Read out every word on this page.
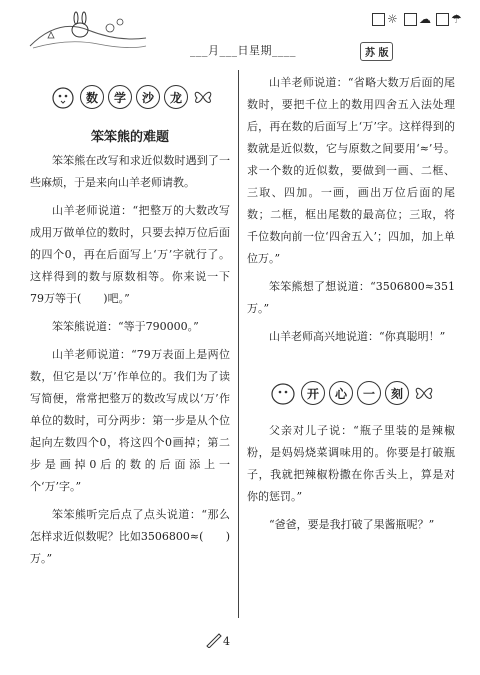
___月___日星期____
☼	☁	☂
苏 版
数	学	沙	龙
笨笨熊的难题

笨笨熊在改写和求近似数时遇到了一些麻烦，于是来向山羊老师请教。

山羊老师说道：“把整万的大数改写成用万做单位的数时，只要去掉万位后面的四个0，再在后面写上‘万’字就行了。这样得到的数与原数相等。你来说一下79万等于(　　)吧。”

笨笨熊说道：“等于790000。”

山羊老师说道：“79万表面上是两位数，但它是以‘万’作单位的。我们为了读写简便，常常把整万的数改写成以‘万’作单位的数时，可分两步：第一步是从个位起向左数四个0，将这四个0画掉；第二步是画掉0后的数的后面添上一个‘万’字。”

笨笨熊听完后点了点头说道：“那么怎样求近似数呢？比如3506800≈(　　)万。”

山羊老师说道：“省略大数万后面的尾数时，要把千位上的数用四舍五入法处理后，再在数的后面写上‘万’字。这样得到的数就是近似数，它与原数之间要用‘≈’号。求一个数的近似数，要做到一画、二框、三取、四加。一画，画出万位后面的尾数；二框，框出尾数的最高位；三取，将千位数向前一位‘四舍五入’；四加，加上单位万。”

笨笨熊想了想说道：“3506800≈351万。”

山羊老师高兴地说道：“你真聪明！”

开	心	一	刻

父亲对儿子说：“瓶子里装的是辣椒粉，是妈妈烧菜调味用的。你要是打破瓶子，我就把辣椒粉撒在你舌头上，算是对你的惩罚。”

“爸爸，要是我打破了果酱瓶呢？”

4
